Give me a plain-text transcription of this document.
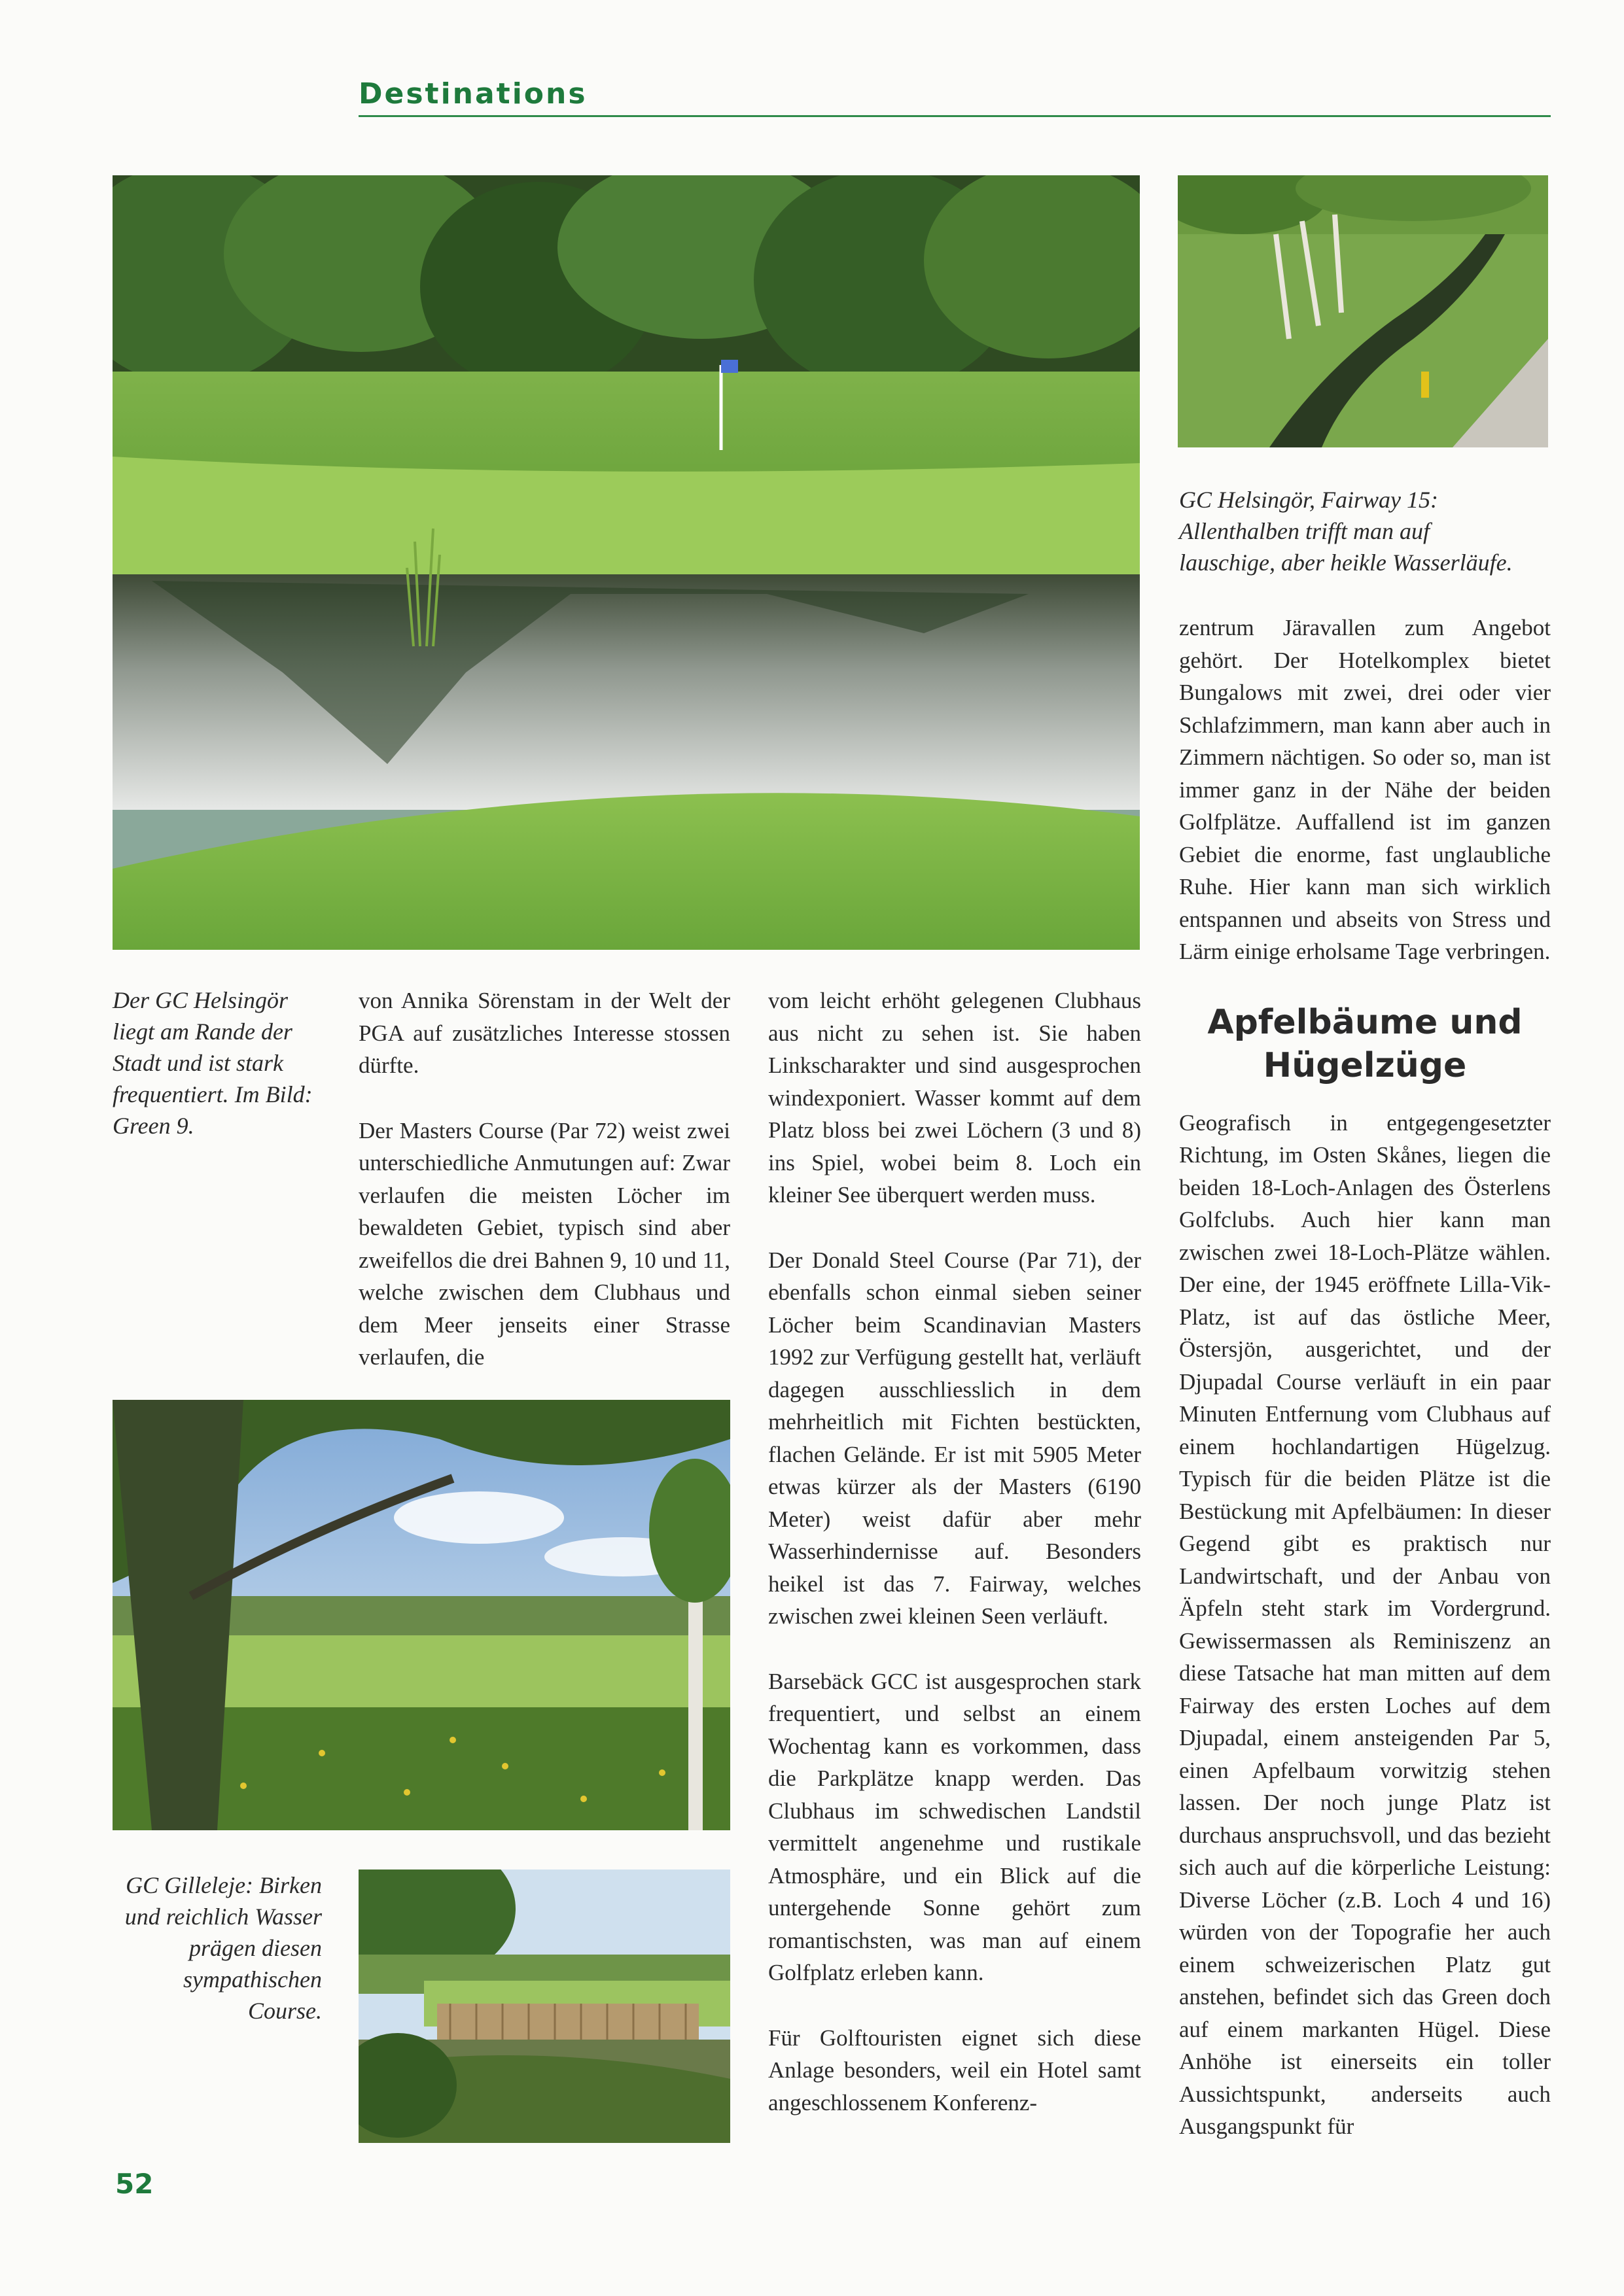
Destinations

GC Helsingör, Fairway 15:

Allenthalben trifft man auf

lauschige, aber heikle Wasserläufe.

zentrum Järavallen zum Angebot gehört. Der Hotelkomplex bietet Bungalows mit zwei, drei oder vier Schlafzimmern, man kann aber auch in Zimmern nächtigen. So oder so, man ist immer ganz in der Nähe der beiden Golfplätze. Auffallend ist im ganzen Gebiet die enorme, fast unglaubliche Ruhe. Hier kann man sich wirklich entspannen und abseits von Stress und Lärm einige erholsame Tage verbringen.

Apfelbäume und Hügelzüge

Geografisch in entgegengesetzter Richtung, im Osten Skånes, liegen die beiden 18-Loch-Anlagen des Österlens Golfclubs. Auch hier kann man zwischen zwei 18-Loch-Plätze wählen. Der eine, der 1945 eröffnete Lilla-Vik-Platz, ist auf das östliche Meer, Östersjön, ausgerichtet, und der Djupadal Course verläuft in ein paar Minuten Entfernung vom Clubhaus auf einem hochlandartigen Hügelzug. Typisch für die beiden Plätze ist die Bestückung mit Apfelbäumen: In dieser Gegend gibt es praktisch nur Landwirtschaft, und der Anbau von Äpfeln steht stark im Vordergrund. Gewissermassen als Reminiszenz an diese Tatsache hat man mitten auf dem Fairway des ersten Loches auf dem Djupadal, einem ansteigenden Par 5, einen Apfelbaum vorwitzig stehen lassen. Der noch junge Platz ist durchaus anspruchsvoll, und das bezieht sich auch auf die körperliche Leistung: Diverse Löcher (z.B. Loch 4 und 16) würden von der Topografie her auch einem schweizerischen Platz gut anstehen, befindet sich das Green doch auf einem markanten Hügel. Diese Anhöhe ist einerseits ein toller Aussichtspunkt, anderseits auch Ausgangspunkt für

Der GC Helsingör liegt am Rande der Stadt und ist stark frequentiert. Im Bild: Green 9.

von Annika Sörenstam in der Welt der PGA auf zusätzliches Interesse stossen dürfte.

Der Masters Course (Par 72) weist zwei unterschiedliche Anmutungen auf: Zwar verlaufen die meisten Löcher im bewaldeten Gebiet, typisch sind aber zweifellos die drei Bahnen 9, 10 und 11, welche zwischen dem Clubhaus und dem Meer jenseits einer Strasse verlaufen, die

vom leicht erhöht gelegenen Clubhaus aus nicht zu sehen ist. Sie haben Linkscharakter und sind ausgesprochen windexponiert. Wasser kommt auf dem Platz bloss bei zwei Löchern (3 und 8) ins Spiel, wobei beim 8. Loch ein kleiner See überquert werden muss.

Der Donald Steel Course (Par 71), der ebenfalls schon einmal sieben seiner Löcher beim Scandinavian Masters 1992 zur Verfügung gestellt hat, verläuft dagegen ausschliesslich in dem mehrheitlich mit Fichten bestückten, flachen Gelände. Er ist mit 5905 Meter etwas kürzer als der Masters (6190 Meter) weist dafür aber mehr Wasserhindernisse auf. Besonders heikel ist das 7. Fairway, welches zwischen zwei kleinen Seen verläuft.

Barsebäck GCC ist ausgesprochen stark frequentiert, und selbst an einem Wochentag kann es vorkommen, dass die Parkplätze knapp werden. Das Clubhaus im schwedischen Landstil vermittelt angenehme und rustikale Atmosphäre, und ein Blick auf die untergehende Sonne gehört zum romantischsten, was man auf einem Golfplatz erleben kann.

Für Golftouristen eignet sich diese Anlage besonders, weil ein Hotel samt angeschlossenem Konferenz-

GC Gilleleje: Birken und reichlich Wasser prägen diesen sympathischen Course.
52
